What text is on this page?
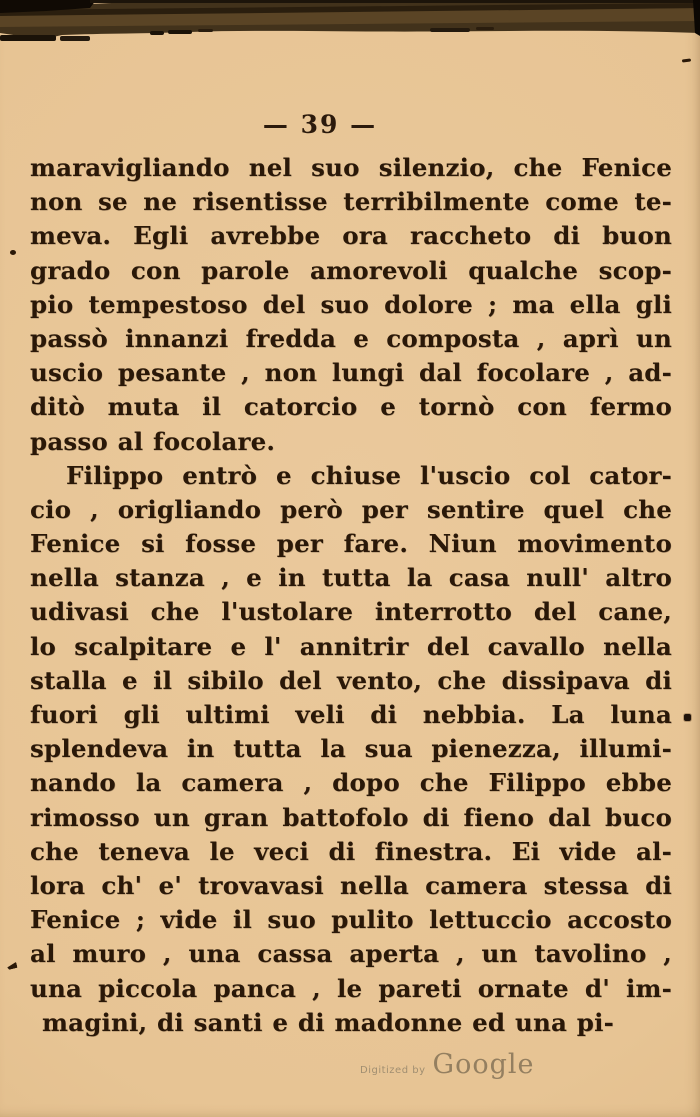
— 39 —
maravigliando nel suo silenzio, che Fenice
non se ne risentisse terribilmente come te-
meva. Egli avrebbe ora raccheto di buon
grado con parole amorevoli qualche scop-
pio tempestoso del suo dolore ; ma ella gli
passò innanzi fredda e composta , aprì un
uscio pesante , non lungi dal focolare , ad-
ditò muta il catorcio e tornò con fermo
passo al focolare.
Filippo entrò e chiuse l'uscio col cator-
cio , origliando però per sentire quel che
Fenice si fosse per fare. Niun movimento
nella stanza , e in tutta la casa null' altro
udivasi che l'ustolare interrotto del cane,
lo scalpitare e l' annitrir del cavallo nella
stalla e il sibilo del vento, che dissipava di
fuori gli ultimi veli di nebbia. La luna
splendeva in tutta la sua pienezza, illumi-
nando la camera , dopo che Filippo ebbe
rimosso un gran battofolo di fieno dal buco
che teneva le veci di finestra. Ei vide al-
lora ch' e' trovavasi nella camera stessa di
Fenice ; vide il suo pulito lettuccio accosto
al muro , una cassa aperta , un tavolino ,
una piccola panca , le pareti ornate d' im-
magini, di santi e di madonne ed una pi-
Digitized by Google
